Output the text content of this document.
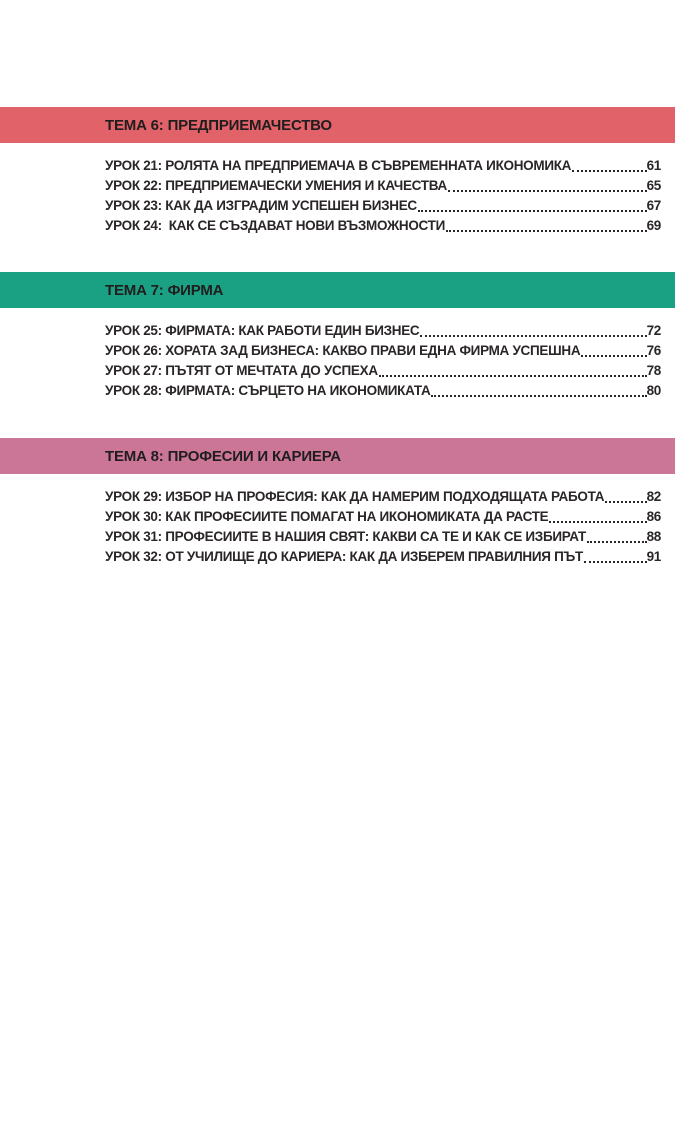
ТЕМА 6: ПРЕДПРИЕМАЧЕСТВО
УРОК 21: РОЛЯТА НА ПРЕДПРИЕМАЧА В СЪВРЕМЕННАТА ИКОНОМИКА	61
УРОК 22: ПРЕДПРИЕМАЧЕСКИ УМЕНИЯ И КАЧЕСТВА	65
УРОК 23: КАК ДА ИЗГРАДИМ УСПЕШЕН БИЗНЕС	67
УРОК 24:  КАК СЕ СЪЗДАВАТ НОВИ ВЪЗМОЖНОСТИ	69
ТЕМА 7: ФИРМА
УРОК 25: ФИРМАТА: КАК РАБОТИ ЕДИН БИЗНЕС	72
УРОК 26: ХОРАТА ЗАД БИЗНЕСА: КАКВО ПРАВИ ЕДНА ФИРМА УСПЕШНА	76
УРОК 27: ПЪТЯТ ОТ МЕЧТАТА ДО УСПЕХА	78
УРОК 28: ФИРМАТА: СЪРЦЕТО НА ИКОНОМИКАТА	80
ТЕМА 8: ПРОФЕСИИ И КАРИЕРА
УРОК 29: ИЗБОР НА ПРОФЕСИЯ: КАК ДА НАМЕРИМ ПОДХОДЯЩАТА РАБОТА	82
УРОК 30: КАК ПРОФЕСИИТЕ ПОМАГАТ НА ИКОНОМИКАТА ДА РАСТЕ	86
УРОК 31: ПРОФЕСИИТЕ В НАШИЯ СВЯТ: КАКВИ СА ТЕ И КАК СЕ ИЗБИРАТ	88
УРОК 32: ОТ УЧИЛИЩЕ ДО КАРИЕРА: КАК ДА ИЗБЕРЕМ ПРАВИЛНИЯ ПЪТ	91
